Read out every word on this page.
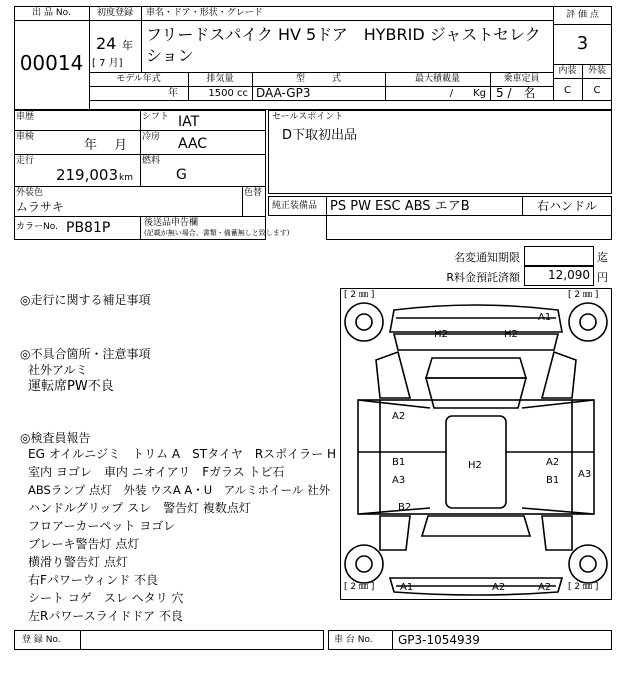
出 品 No.
00014
初度登録
24 年
[ 7 月]
車名・ドア・形状・グレード
フリードスパイク HV 5ドア　HYBRID ジャストセレクション
評 価 点
3
内装	外装
C	C
モデル年式
年
排気量
1500 cc
型　　　式
DAA-GP3
最大積載量
/　　Kg
乗車定員
5 /　名
車歴	シフト IAT
車検
年　 月
冷房 AAC
走行
219,003 km
燃料
G
外装色
ムラサキ
色替
カラーNo. PB81P	後送品申告欄
(記載が無い場合、書類・備蓄無しと致します)
セールスポイント
D下取初出品
純正装備品 PS PW ESC ABS エアB	右ハンドル
名変通知期限	迄
R料金預託済額	12,090 円
◎走行に関する補足事項
◎不具合箇所・注意事項
社外アルミ
運転席PW不良
◎検査員報告
EG オイルニジミ　トリム A　STタイヤ　Rスポイラー H
室内 ヨゴレ　車内 ニオイアリ　Fガラス トビ石
ABSランプ 点灯　外装 ウスA A・U　アルミホイール 社外
ハンドルグリップ スレ　警告灯 複数点灯
フロアーカーペット ヨゴレ
ブレーキ警告灯 点灯
横滑り警告灯 点灯
右Fパワーウィンド 不良
シート コゲ　スレ ヘタリ 穴
左Rパワースライドドア 不良
[ 2 ㎜ ]	[ 2 ㎜ ]
[ 2 ㎜ ]	[ 2 ㎜ ]
A1
H2	H2
A2
B1
A3
H2	A2
B1
A3
B2
A1	A2	A2
登 録 No.	車 台 No. GP3-1054939
